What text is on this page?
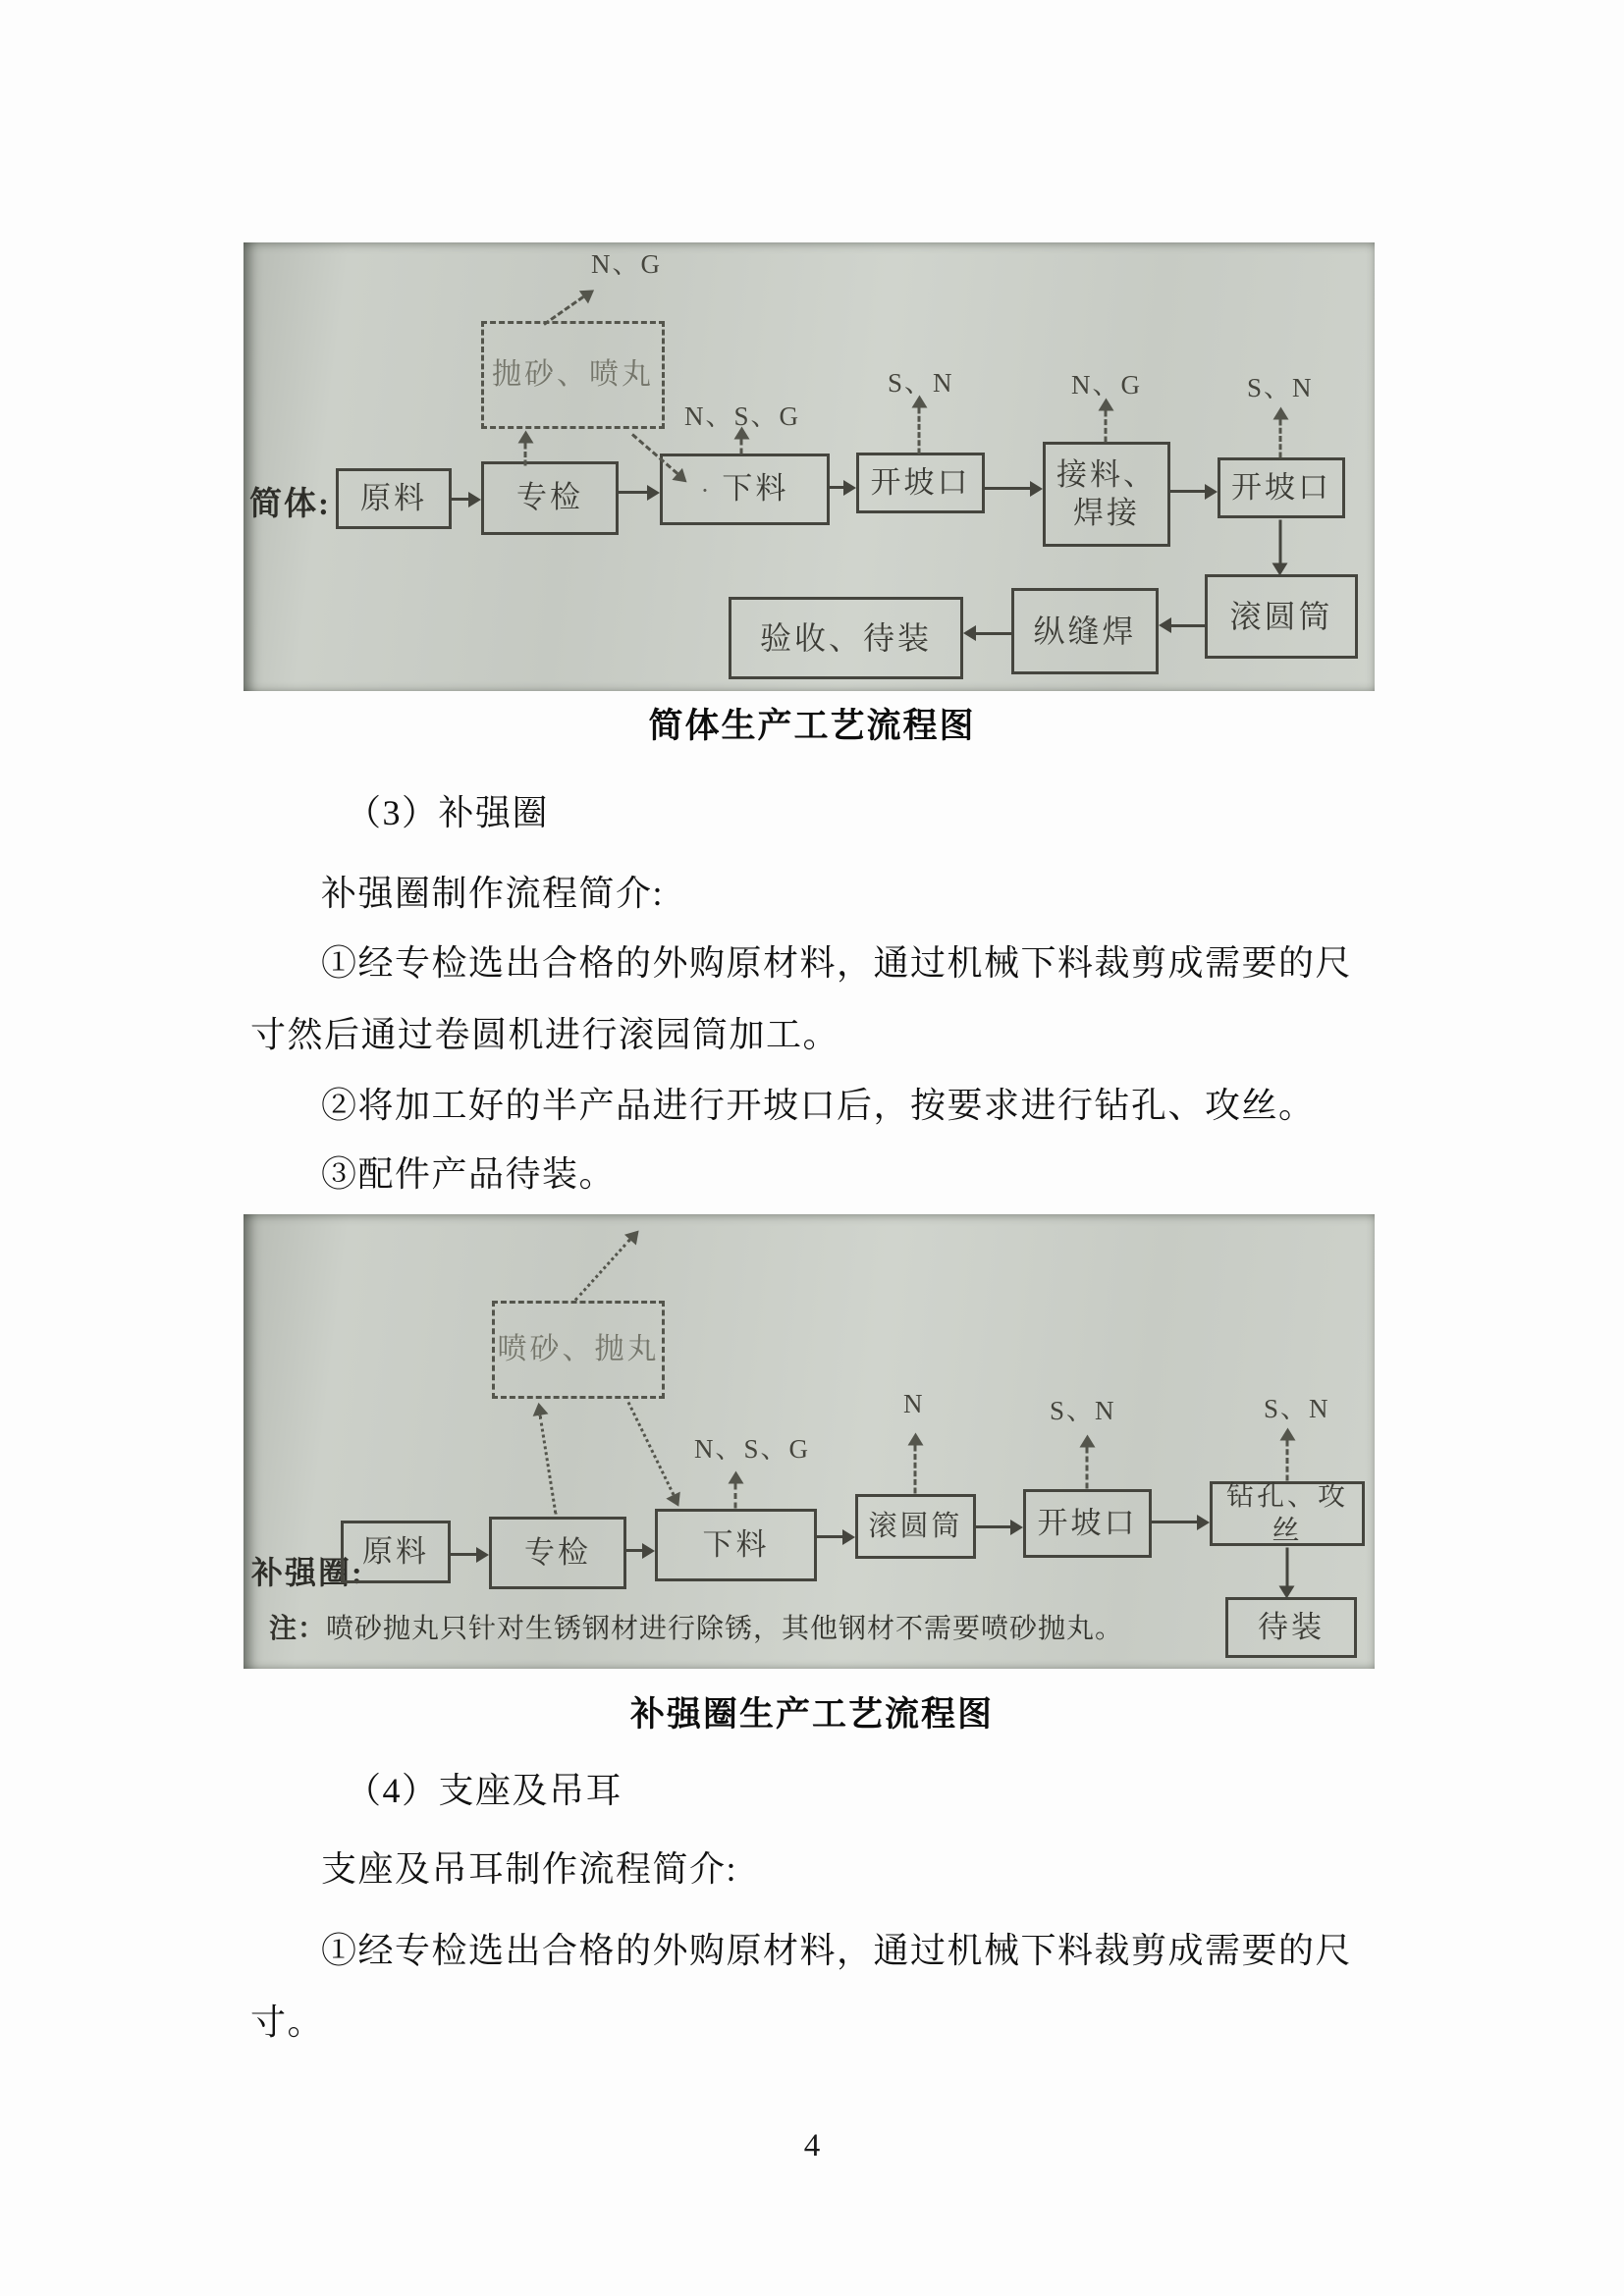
简体:
N、G
抛砂、喷丸
原料	专检	· 下料	开坡口	接料、
焊接
开坡口
滚圆筒
纵缝焊
验收、待装
N、S、G
S、N	N、G	S、N
简体生产工艺流程图
（3）补强圈
补强圈制作流程简介:
①经专检选出合格的外购原材料，通过机械下料裁剪成需要的尺
寸然后通过卷圆机进行滚园筒加工。
②将加工好的半产品进行开坡口后，按要求进行钻孔、攻丝。
③配件产品待装。
补强圈:
喷砂、抛丸
原料	专检	下料
滚圆筒	开坡口
钻孔、攻丝
待装
N、S、G
N	S、N	S、N
注：喷砂抛丸只针对生锈钢材进行除锈，其他钢材不需要喷砂抛丸。
补强圈生产工艺流程图
（4）支座及吊耳
支座及吊耳制作流程简介:
①经专检选出合格的外购原材料，通过机械下料裁剪成需要的尺
寸。
4
